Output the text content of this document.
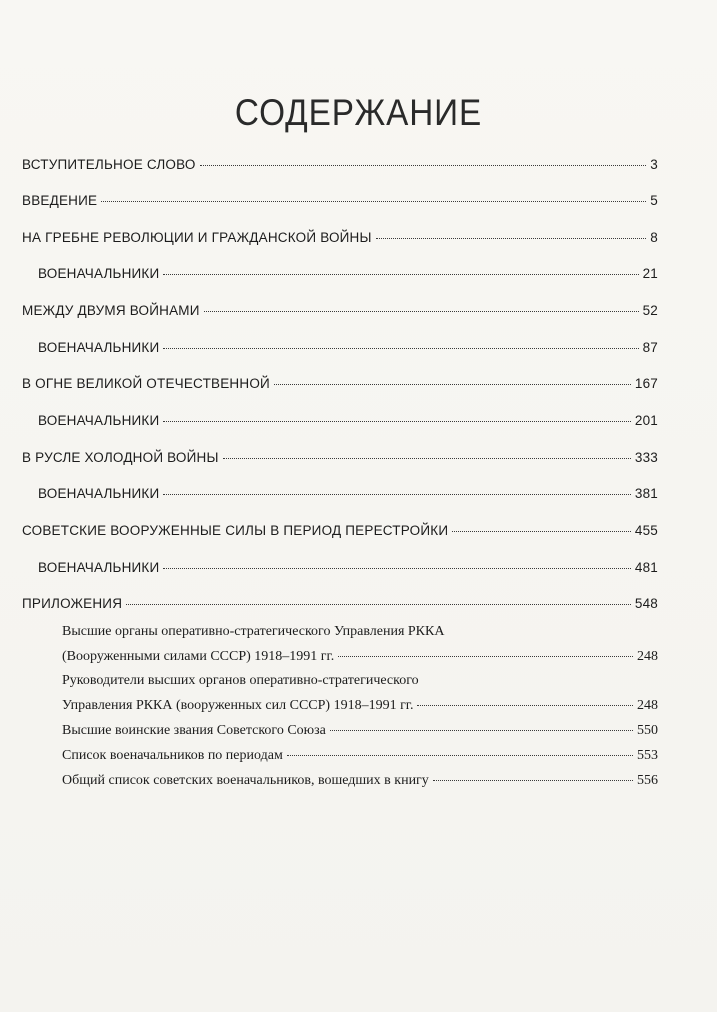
СОДЕРЖАНИЕ
ВСТУПИТЕЛЬНОЕ СЛОВО	3
ВВЕДЕНИЕ	5
НА ГРЕБНЕ РЕВОЛЮЦИИ И ГРАЖДАНСКОЙ ВОЙНЫ	8
ВОЕНАЧАЛЬНИКИ	21
МЕЖДУ ДВУМЯ ВОЙНАМИ	52
ВОЕНАЧАЛЬНИКИ	87
В ОГНЕ ВЕЛИКОЙ ОТЕЧЕСТВЕННОЙ	167
ВОЕНАЧАЛЬНИКИ	201
В РУСЛЕ ХОЛОДНОЙ ВОЙНЫ	333
ВОЕНАЧАЛЬНИКИ	381
СОВЕТСКИЕ ВООРУЖЕННЫЕ СИЛЫ В ПЕРИОД ПЕРЕСТРОЙКИ	455
ВОЕНАЧАЛЬНИКИ	481
ПРИЛОЖЕНИЯ	548
Высшие органы оперативно-стратегического Управления РККА
(Вооруженными силами СССР) 1918–1991 гг.	248
Руководители высших органов оперативно-стратегического
Управления РККА (вооруженных сил СССР) 1918–1991 гг.	248
Высшие воинские звания Советского Союза	550
Список военачальников по периодам	553
Общий список советских военачальников, вошедших в книгу	556
